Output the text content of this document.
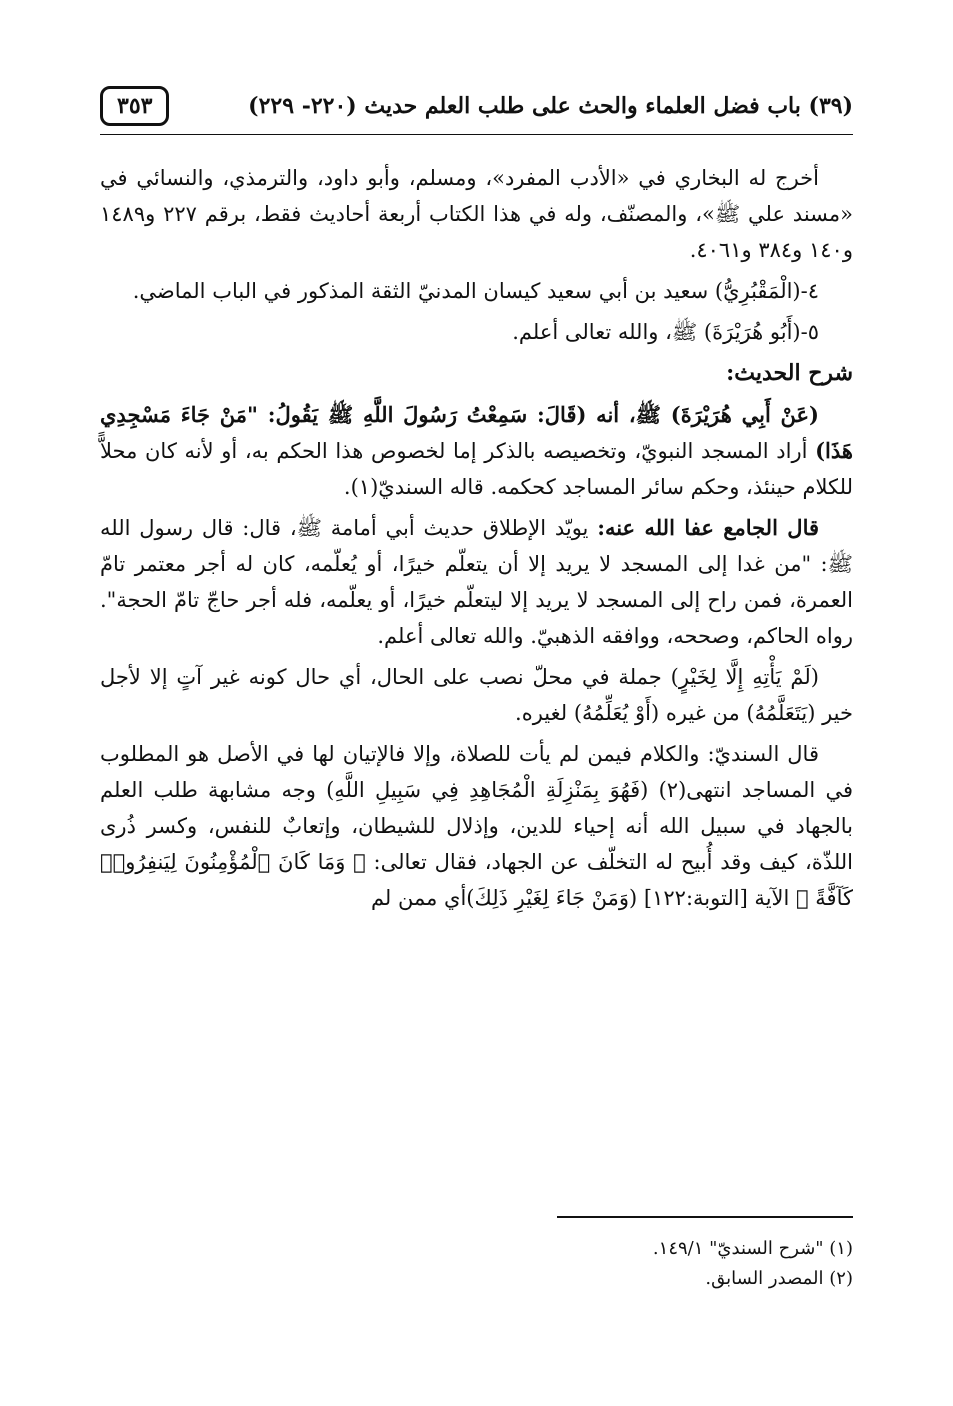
(٣٩) باب فضل العلماء والحث على طلب العلم حديث (٢٢٠- ٢٢٩)
٣٥٣

أخرج له البخاري في «الأدب المفرد»، ومسلم، وأبو داود، والترمذي، والنسائي في «مسند علي ﷺ»، والمصنّف، وله في هذا الكتاب أربعة أحاديث فقط، برقم ٢٢٧ و١٤٨٩ و١٤٠ و٣٨٤ و٤٠٦١.

٤-(الْمَقْبُرِيُّ) سعيد بن أبي سعيد كيسان المدنيّ الثقة المذكور في الباب الماضي.

٥-(أَبُو هُرَيْرَةَ) ﷺ، والله تعالى أعلم.

شرح الحديث:

(عَنْ أَبِي هُرَيْرَةَ) ﷺ، أنه (قَالَ: سَمِعْتُ رَسُولَ اللَّهِ ﷺ يَقُولُ: "مَنْ جَاءَ مَسْجِدِي هَذَا) أراد المسجد النبويّ، وتخصيصه بالذكر إما لخصوص هذا الحكم به، أو لأنه كان محلاًّ للكلام حينئذ، وحكم سائر المساجد كحكمه. قاله السنديّ(١).

قال الجامع عفا الله عنه: يويّد الإطلاق حديث أبي أمامة ﷺ، قال: قال رسول الله ﷺ: "من غدا إلى المسجد لا يريد إلا أن يتعلّم خيرًا، أو يُعلّمه، كان له أجر معتمر تامّ العمرة، فمن راح إلى المسجد لا يريد إلا ليتعلّم خيرًا، أو يعلّمه، فله أجر حاجّ تامّ الحجة". رواه الحاكم، وصححه، ووافقه الذهبيّ. والله تعالى أعلم.

(لَمْ يَأْتِهِ إِلَّا لِخَيْرٍ) جملة في محلّ نصب على الحال، أي حال كونه غير آتٍ إلا لأجل خير (يَتَعَلَّمُهُ) من غيره (أَوْ يُعَلِّمُهُ) لغيره.

قال السنديّ: والكلام فيمن لم يأت للصلاة، وإلا فالإتيان لها في الأصل هو المطلوب في المساجد انتهى(٢) (فَهُوَ بِمَنْزِلَةِ الْمُجَاهِدِ فِي سَبِيلِ اللَّهِ) وجه مشابهة طلب العلم بالجهاد في سبيل الله أنه إحياء للدين، وإذلال للشيطان، وإتعابٌ للنفس، وكسر ذُرى اللذّة، كيف وقد أُبيح له التخلّف عن الجهاد، فقال تعالى: ﴿ وَمَا كَانَ ٱلْمُؤْمِنُونَ لِيَنفِرُوا۟ كَآفَّةً ﴾ الآية [التوبة:١٢٢] (وَمَنْ جَاءَ لِغَيْرِ ذَلِكَ)أي ممن لم

(١) "شرح السنديّ" ١٤٩/١.
(٢) المصدر السابق.
